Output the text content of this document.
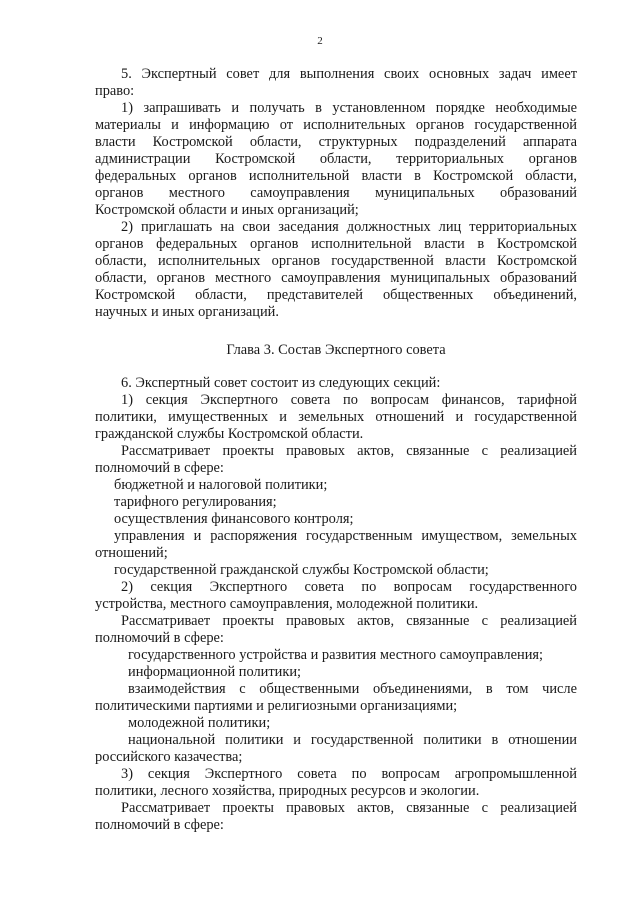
2

5. Экспертный совет для выполнения своих основных задач имеет

право:

1) запрашивать и получать в установленном порядке необходимые

материалы и информацию от исполнительных органов государственной

власти Костромской области, структурных подразделений аппарата

администрации Костромской области, территориальных органов

федеральных органов исполнительной власти в Костромской области,

органов местного самоуправления муниципальных образований

Костромской области и иных организаций;

2) приглашать на свои заседания должностных лиц территориальных

органов федеральных органов исполнительной власти в Костромской

области, исполнительных органов государственной власти Костромской

области, органов местного самоуправления муниципальных образований

Костромской области, представителей общественных объединений,

научных и иных организаций.

Глава 3. Состав Экспертного совета

6. Экспертный совет состоит из следующих секций:

1) секция Экспертного совета по вопросам финансов, тарифной

политики, имущественных и земельных отношений и государственной

гражданской службы Костромской области.

Рассматривает проекты правовых актов, связанные с реализацией

полномочий в сфере:

бюджетной и налоговой политики;

тарифного регулирования;

осуществления финансового контроля;

управления и распоряжения государственным имуществом, земельных

отношений;

государственной гражданской службы Костромской области;

2) секция Экспертного совета по вопросам государственного

устройства, местного самоуправления, молодежной политики.

Рассматривает проекты правовых актов, связанные с реализацией

полномочий в сфере:

государственного устройства и развития местного самоуправления;

информационной политики;

взаимодействия с общественными объединениями, в том числе

политическими партиями и религиозными организациями;

молодежной политики;

национальной политики и государственной политики в отношении

российского казачества;

3) секция Экспертного совета по вопросам агропромышленной

политики, лесного хозяйства, природных ресурсов и экологии.

Рассматривает проекты правовых актов, связанные с реализацией

полномочий в сфере:
